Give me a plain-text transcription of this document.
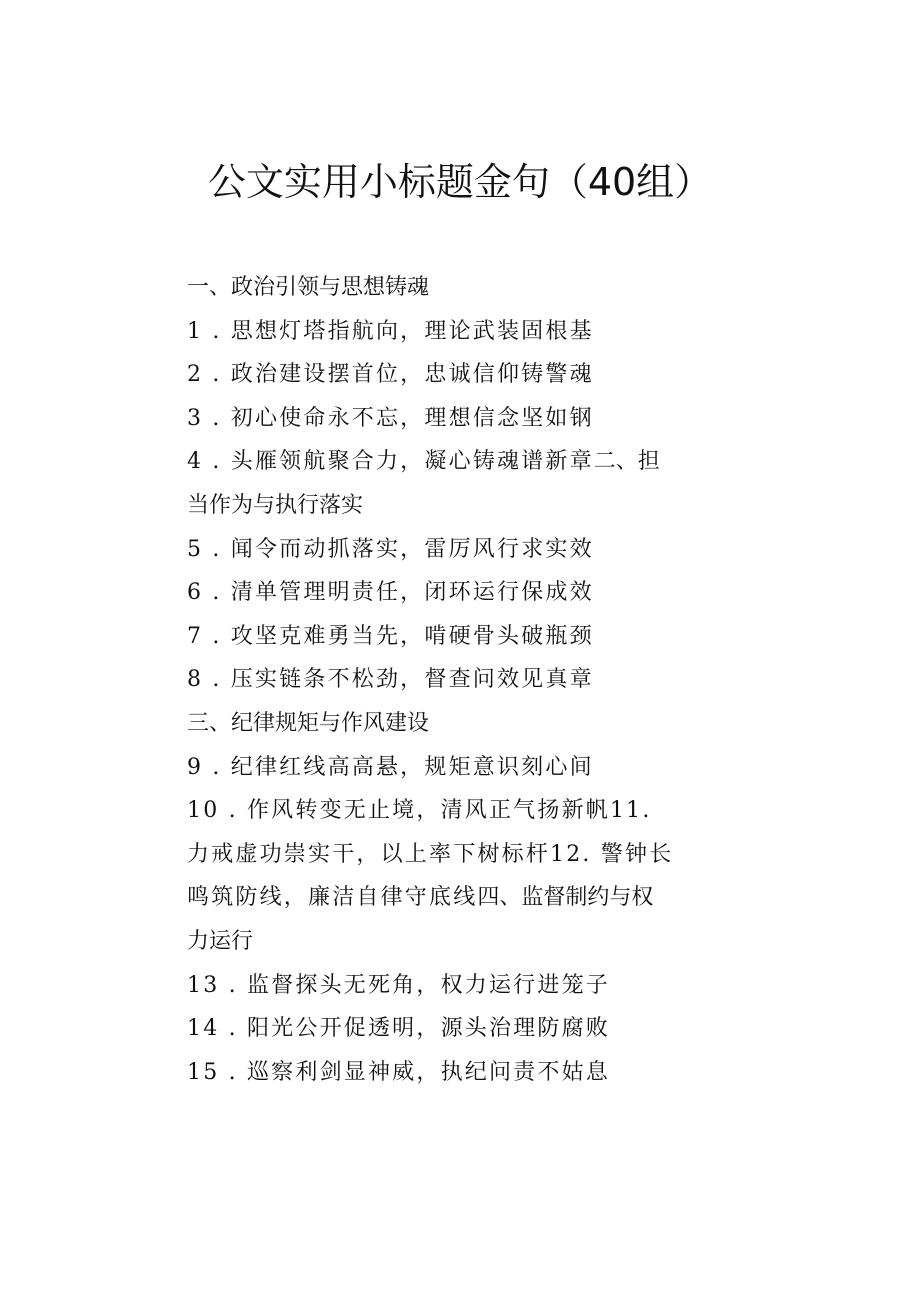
公文实用小标题金句（40组）
一、政治引领与思想铸魂
1 . 思想灯塔指航向，理论武装固根基
2 . 政治建设摆首位，忠诚信仰铸警魂
3 . 初心使命永不忘，理想信念坚如钢
4 . 头雁领航聚合力，凝心铸魂谱新章二、担当作为与执行落实
5 . 闻令而动抓落实，雷厉风行求实效
6 . 清单管理明责任，闭环运行保成效
7 . 攻坚克难勇当先，啃硬骨头破瓶颈
8 . 压实链条不松劲，督查问效见真章
三、纪律规矩与作风建设
9 . 纪律红线高高悬，规矩意识刻心间
10 . 作风转变无止境，清风正气扬新帆11. 力戒虚功崇实干，以上率下树标杆12. 警钟长鸣筑防线，廉洁自律守底线四、监督制约与权力运行
13 . 监督探头无死角，权力运行进笼子
14 . 阳光公开促透明，源头治理防腐败
15 . 巡察利剑显神威，执纪问责不姑息
